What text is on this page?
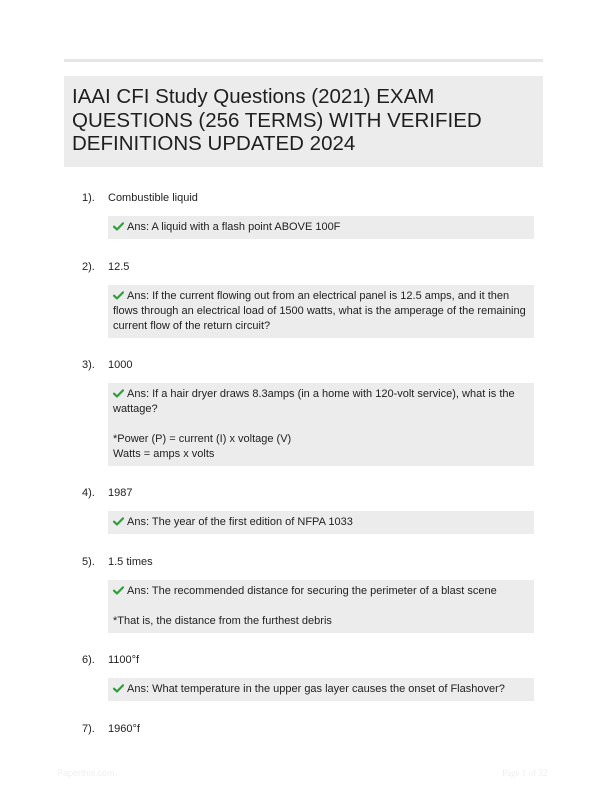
IAAI CFI Study Questions (2021) EXAM QUESTIONS (256 TERMS) WITH VERIFIED DEFINITIONS UPDATED 2024
1). Combustible liquid

Ans: A liquid with a flash point ABOVE 100F

2). 12.5

Ans: If the current flowing out from an electrical panel is 12.5 amps, and it then flows through an electrical load of 1500 watts, what is the amperage of the remaining current flow of the return circuit?

3). 1000

Ans: If a hair dryer draws 8.3amps (in a home with 120-volt service), what is the wattage?

*Power (P) = current (I) x voltage (V)

Watts = amps x volts

4). 1987

Ans: The year of the first edition of NFPA 1033

5). 1.5 times

Ans: The recommended distance for securing the perimeter of a blast scene

*That is, the distance from the furthest debris

6). 1100°f

Ans: What temperature in the upper gas layer causes the onset of Flashover?

7). 1960°f
Paperthis.com	Page 1 of 32
